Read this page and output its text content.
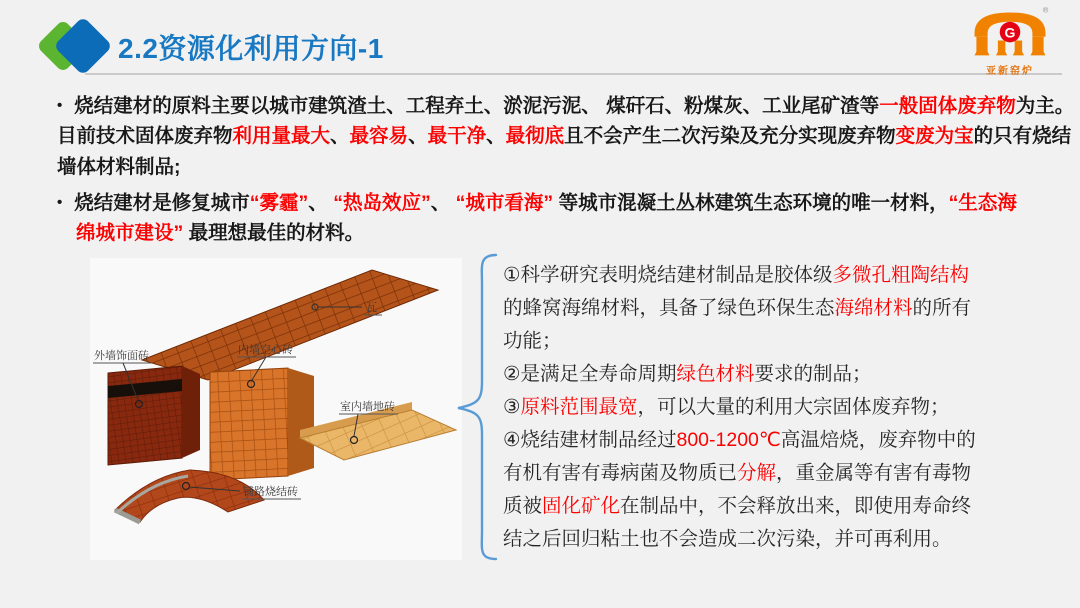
2.2资源化利用方向-1
G
®
亚新窑炉
• 烧结建材的原料主要以城市建筑渣土、工程弃土、淤泥污泥、 煤矸石、粉煤灰、工业尾矿渣等一般固体废弃物为主。
目前技术固体废弃物利用量最大、最容易、最干净、最彻底且不会产生二次污染及充分实现废弃物变废为宝的只有烧结
墙体材料制品;
• 烧结建材是修复城市“雾霾”、 “热岛效应”、 “城市看海” 等城市混凝土丛林建筑生态环境的唯一材料，“生态海
绵城市建设” 最理想最佳的材料。
瓦
外墙饰面砖	内墙空心砖
室内墙地砖
铺路烧结砖
①科学研究表明烧结建材制品是胶体级多微孔粗陶结构
的蜂窝海绵材料，具备了绿色环保生态海绵材料的所有
功能；
②是满足全寿命周期绿色材料要求的制品；
③原料范围最宽，可以大量的利用大宗固体废弃物；
④烧结建材制品经过800-1200℃高温焙烧，废弃物中的
有机有害有毒病菌及物质已分解，重金属等有害有毒物
质被固化矿化在制品中，不会释放出来，即使用寿命终
结之后回归粘土也不会造成二次污染，并可再利用。
